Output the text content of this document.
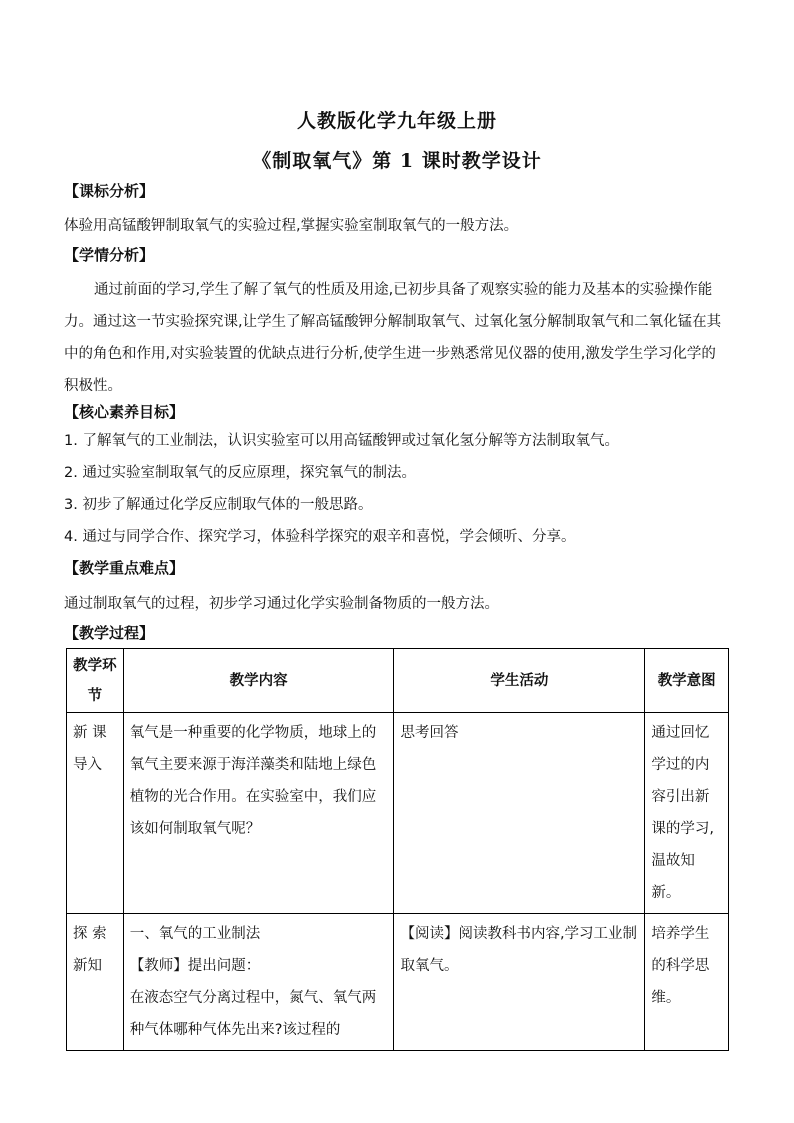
人教版化学九年级上册
《制取氧气》第 1 课时教学设计
【课标分析】
体验用高锰酸钾制取氧气的实验过程,掌握实验室制取氧气的一般方法。
【学情分析】
通过前面的学习,学生了解了氧气的性质及用途,已初步具备了观察实验的能力及基本的实验操作能力。通过这一节实验探究课,让学生了解高锰酸钾分解制取氧气、过氧化氢分解制取氧气和二氧化锰在其中的角色和作用,对实验装置的优缺点进行分析,使学生进一步熟悉常见仪器的使用,激发学生学习化学的积极性。
【核心素养目标】
1. 了解氧气的工业制法，认识实验室可以用高锰酸钾或过氧化氢分解等方法制取氧气。
2. 通过实验室制取氧气的反应原理，探究氧气的制法。
3. 初步了解通过化学反应制取气体的一般思路。
4. 通过与同学合作、探究学习，体验科学探究的艰辛和喜悦，学会倾听、分享。
【教学重点难点】
通过制取氧气的过程，初步学习通过化学实验制备物质的一般方法。
【教学过程】
教学环节	教学内容	学生活动	教学意图

新 课导入	氧气是一种重要的化学物质，地球上的氧气主要来源于海洋藻类和陆地上绿色植物的光合作用。在实验室中，我们应该如何制取氧气呢？	思考回答	通过回忆学过的内容引出新课的学习,温故知新。

探 索新知	一、氧气的工业制法
【教师】提出问题：
在液态空气分离过程中，氮气、氧气两种气体哪种气体先出来?该过程的	【阅读】阅读教科书内容,学习工业制取氧气。	培养学生的科学思维。
